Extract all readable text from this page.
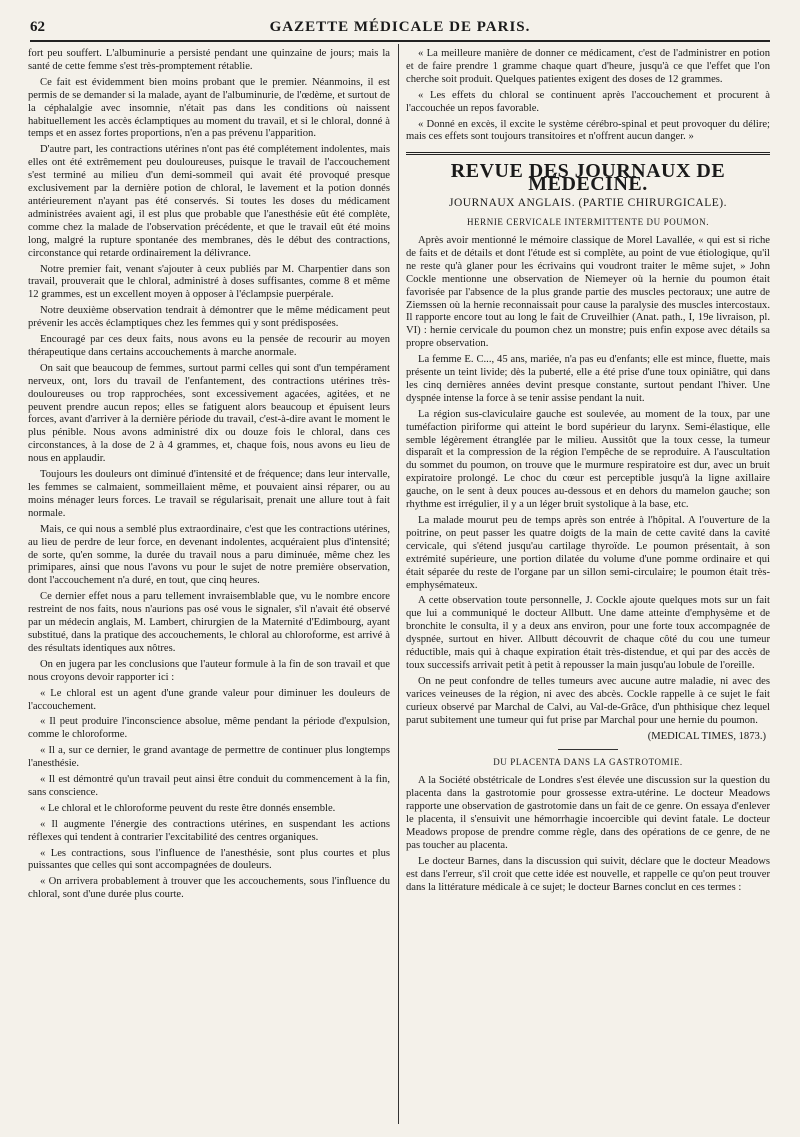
62	GAZETTE MÉDICALE DE PARIS.

fort peu souffert. L'albuminurie a persisté pendant une quinzaine de jours; mais la santé de cette femme s'est très-promptement rétablie.

Ce fait est évidemment bien moins probant que le premier. Néanmoins, il est permis de se demander si la malade, ayant de l'albuminurie, de l'œdème, et surtout de la céphalalgie avec insomnie, n'était pas dans les conditions où naissent habituellement les accès éclamptiques au moment du travail, et si le chloral, donné à temps et en assez fortes proportions, n'en a pas prévenu l'apparition.

D'autre part, les contractions utérines n'ont pas été complétement indolentes, mais elles ont été extrêmement peu douloureuses, puisque le travail de l'accouchement s'est terminé au milieu d'un demi-sommeil qui avait été provoqué presque exclusivement par la dernière potion de chloral, le lavement et la potion donnés antérieurement n'ayant pas été conservés. Si toutes les doses du médicament administrées avaient agi, il est plus que probable que l'anesthésie eût été complète, comme chez la malade de l'observation précédente, et que le travail eût été moins long, malgré la rupture spontanée des membranes, dès le début des contractions, circonstance qui retarde ordinairement la délivrance.

Notre premier fait, venant s'ajouter à ceux publiés par M. Charpentier dans son travail, prouverait que le chloral, administré à doses suffisantes, comme 8 et même 12 grammes, est un excellent moyen à opposer à l'éclampsie puerpérale.

Notre deuxième observation tendrait à démontrer que le même médicament peut prévenir les accès éclamptiques chez les femmes qui y sont prédisposées.

Encouragé par ces deux faits, nous avons eu la pensée de recourir au moyen thérapeutique dans certains accouchements à marche anormale.

On sait que beaucoup de femmes, surtout parmi celles qui sont d'un tempérament nerveux, ont, lors du travail de l'enfantement, des contractions utérines très-douloureuses ou trop rapprochées, sont excessivement agacées, agitées, et ne peuvent prendre aucun repos; elles se fatiguent alors beaucoup et épuisent leurs forces, avant d'arriver à la dernière période du travail, c'est-à-dire avant le moment le plus pénible. Nous avons administré dix ou douze fois le chloral, dans ces circonstances, à la dose de 2 à 4 grammes, et, chaque fois, nous avons eu lieu de nous en applaudir.

Toujours les douleurs ont diminué d'intensité et de fréquence; dans leur intervalle, les femmes se calmaient, sommeillaient même, et pouvaient ainsi réparer, ou au moins ménager leurs forces. Le travail se régularisait, prenait une allure tout à fait normale.

Mais, ce qui nous a semblé plus extraordinaire, c'est que les contractions utérines, au lieu de perdre de leur force, en devenant indolentes, acquéraient plus d'intensité; de sorte, qu'en somme, la durée du travail nous a paru diminuée, même chez les primipares, ainsi que nous l'avons vu pour le sujet de notre première observation, dont l'accouchement n'a duré, en tout, que cinq heures.

Ce dernier effet nous a paru tellement invraisemblable que, vu le nombre encore restreint de nos faits, nous n'aurions pas osé vous le signaler, s'il n'avait été observé par un médecin anglais, M. Lambert, chirurgien de la Maternité d'Edimbourg, ayant substitué, dans la pratique des accouchements, le chloral au chloroforme, est arrivé à des résultats identiques aux nôtres.

On en jugera par les conclusions que l'auteur formule à la fin de son travail et que nous croyons devoir rapporter ici :

« Le chloral est un agent d'une grande valeur pour diminuer les douleurs de l'accouchement.

« Il peut produire l'inconscience absolue, même pendant la période d'expulsion, comme le chloroforme.

« Il a, sur ce dernier, le grand avantage de permettre de continuer plus longtemps l'anesthésie.

« Il est démontré qu'un travail peut ainsi être conduit du commencement à la fin, sans conscience.

« Le chloral et le chloroforme peuvent du reste être donnés ensemble.

« Il augmente l'énergie des contractions utérines, en suspendant les actions réflexes qui tendent à contrarier l'excitabilité des centres organiques.

« Les contractions, sous l'influence de l'anesthésie, sont plus courtes et plus puissantes que celles qui sont accompagnées de douleurs.

« On arrivera probablement à trouver que les accouchements, sous l'influence du chloral, sont d'une durée plus courte.

« La meilleure manière de donner ce médicament, c'est de l'administrer en potion et de faire prendre 1 gramme chaque quart d'heure, jusqu'à ce que l'effet que l'on cherche soit produit. Quelques patientes exigent des doses de 12 grammes.

« Les effets du chloral se continuent après l'accouchement et procurent à l'accouchée un repos favorable.

« Donné en excès, il excite le système cérébro-spinal et peut provoquer du délire; mais ces effets sont toujours transitoires et n'offrent aucun danger. »

REVUE DES JOURNAUX DE MÉDECINE.
JOURNAUX ANGLAIS. (PARTIE CHIRURGICALE).
HERNIE CERVICALE INTERMITTENTE DU POUMON.

Après avoir mentionné le mémoire classique de Morel Lavallée, « qui est si riche de faits et de détails et dont l'étude est si complète, au point de vue étiologique, qu'il ne reste qu'à glaner pour les écrivains qui voudront traiter le même sujet, » John Cockle mentionne une observation de Niemeyer où la hernie du poumon était favorisée par l'absence de la plus grande partie des muscles pectoraux; une autre de Ziemssen où la hernie reconnaissait pour cause la paralysie des muscles intercostaux. Il rapporte encore tout au long le fait de Cruveilhier (Anat. path., I, 19e livraison, pl. VI) : hernie cervicale du poumon chez un monstre; puis enfin expose avec détails sa propre observation.

La femme E. C..., 45 ans, mariée, n'a pas eu d'enfants; elle est mince, fluette, mais présente un teint livide; dès la puberté, elle a été prise d'une toux opiniâtre, qui dans les cinq dernières années devint presque constante, surtout pendant l'hiver. Une dyspnée intense la force à se tenir assise pendant la nuit.

La région sus-claviculaire gauche est soulevée, au moment de la toux, par une tuméfaction piriforme qui atteint le bord supérieur du larynx. Semi-élastique, elle semble légèrement étranglée par le milieu. Aussitôt que la toux cesse, la tumeur disparaît et la compression de la région l'empêche de se reproduire. A l'auscultation du sommet du poumon, on trouve que le murmure respiratoire est dur, avec un bruit expiratoire prolongé. Le choc du cœur est perceptible jusqu'à la ligne axillaire gauche, on le sent à deux pouces au-dessous et en dehors du mamelon gauche; son rhythme est irrégulier, il y a un léger bruit systolique à la base, etc.

La malade mourut peu de temps après son entrée à l'hôpital. A l'ouverture de la poitrine, on peut passer les quatre doigts de la main de cette cavité dans la cavité cervicale, qui s'étend jusqu'au cartilage thyroïde. Le poumon présentait, à son extrémité supérieure, une portion dilatée du volume d'une pomme ordinaire et qui était séparée du reste de l'organe par un sillon semi-circulaire; le poumon était très-emphysémateux.

A cette observation toute personnelle, J. Cockle ajoute quelques mots sur un fait que lui a communiqué le docteur Allbutt. Une dame atteinte d'emphysème et de bronchite le consulta, il y a deux ans environ, pour une forte toux accompagnée de dyspnée, surtout en hiver. Allbutt découvrit de chaque côté du cou une tumeur réductible, mais qui à chaque expiration était très-distendue, et qui par des accès de toux successifs arrivait petit à petit à repousser la main jusqu'au lobule de l'oreille.

On ne peut confondre de telles tumeurs avec aucune autre maladie, ni avec des varices veineuses de la région, ni avec des abcès. Cockle rappelle à ce sujet le fait curieux observé par Marchal de Calvi, au Val-de-Grâce, d'un phthisique chez lequel parut subitement une tumeur qui fut prise par Marchal pour une hernie du poumon.

(MEDICAL TIMES, 1873.)
DU PLACENTA DANS LA GASTROTOMIE.

A la Société obstétricale de Londres s'est élevée une discussion sur la question du placenta dans la gastrotomie pour grossesse extra-utérine. Le docteur Meadows rapporte une observation de gastrotomie dans un fait de ce genre. On essaya d'enlever le placenta, il s'ensuivit une hémorrhagie incoercible qui devint fatale. Le docteur Meadows propose de prendre comme règle, dans des opérations de ce genre, de ne pas toucher au placenta.

Le docteur Barnes, dans la discussion qui suivit, déclare que le docteur Meadows est dans l'erreur, s'il croit que cette idée est nouvelle, et rappelle ce qu'on peut trouver dans la littérature médicale à ce sujet; le docteur Barnes conclut en ces termes :
